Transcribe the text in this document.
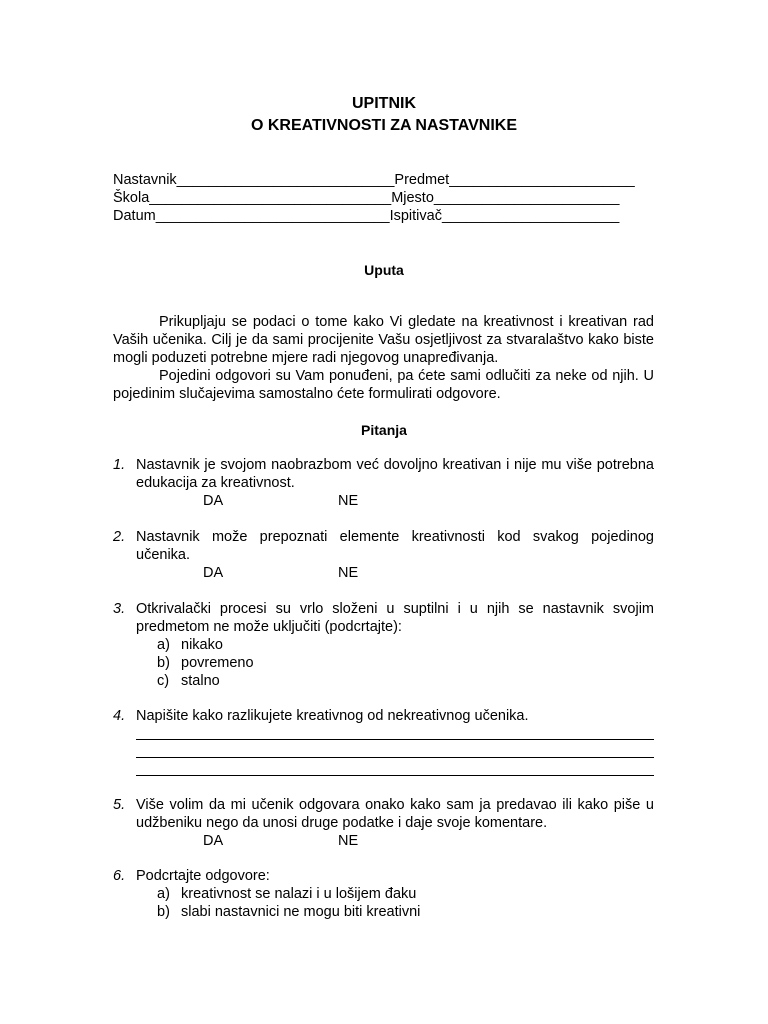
UPITNIK
O KREATIVNOSTI ZA NASTAVNIKE
Nastavnik___________________________Predmet_______________________
Škola______________________________Mjesto_______________________
Datum_____________________________Ispitivač______________________
Uputa

Prikupljaju se podaci o tome kako Vi gledate na kreativnost i kreativan rad Vaših učenika. Cilj je da sami procijenite Vašu osjetljivost za stvaralaštvo kako biste mogli poduzeti potrebne mjere radi njegovog unapređivanja.

Pojedini odgovori su Vam ponuđeni, pa ćete sami odlučiti za neke od njih. U pojedinim slučajevima samostalno ćete formulirati odgovore.

Pitanja
1. Nastavnik je svojom naobrazbom već dovoljno kreativan i nije mu više potrebna edukacija za kreativnost.
DA	NE
2. Nastavnik može prepoznati elemente kreativnosti kod svakog pojedinog učenika.
DA	NE
3. Otkrivalački procesi su vrlo složeni u suptilni i u njih se nastavnik svojim predmetom ne može uključiti (podcrtajte):
a) nikako
b) povremeno
c) stalno
4. Napišite kako razlikujete kreativnog od nekreativnog učenika.
5. Više volim da mi učenik odgovara onako kako sam ja predavao ili kako piše u udžbeniku nego da unosi druge podatke i daje svoje komentare.
DA	NE
6. Podcrtajte odgovore:
a) kreativnost se nalazi i u lošijem đaku
b) slabi nastavnici ne mogu biti kreativni
